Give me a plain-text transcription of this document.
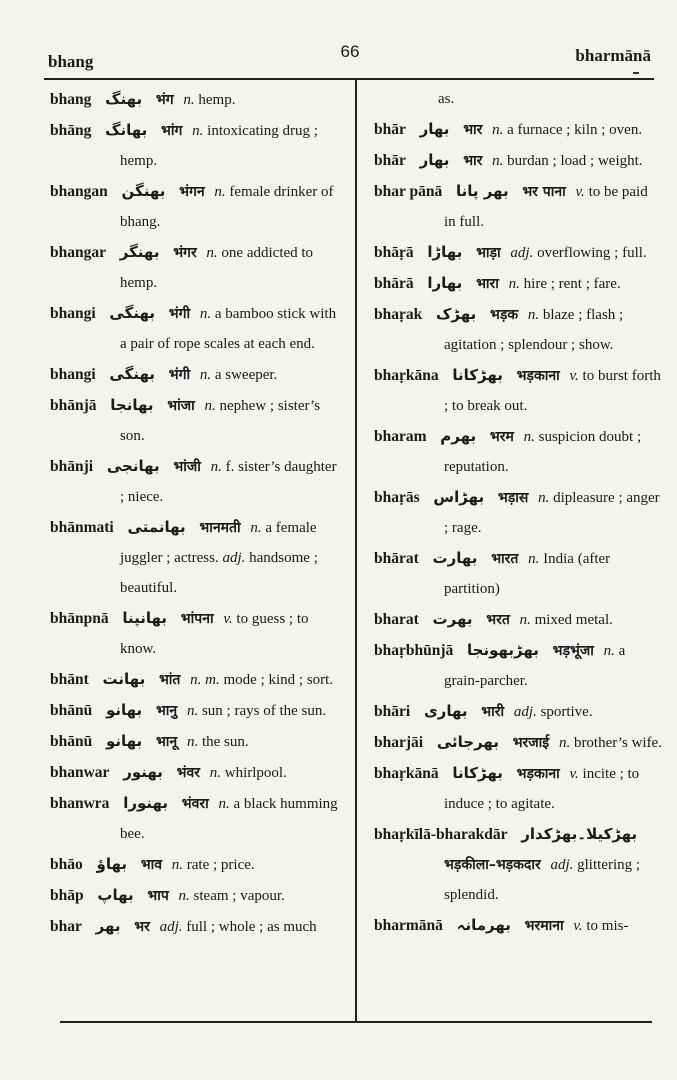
bhang
66	bharmānā
bhang بھنگ भंग n. hemp.
bhāng بھانگ भांग n. intoxicating drug ; hemp.
bhangan بھنگن भंगन n. female drinker of bhang.
bhangar بھنگر भंगर n. one addicted to hemp.
bhangi بھنگی भंगी n. a bamboo stick with a pair of rope scales at each end.
bhangi بھنگی भंगी n. a sweeper.
bhānjā بھانجا भांजा n. nephew ; sister’s son.
bhānji بھانجی भांजी n. f. sister’s daughter ; niece.
bhānmati بھانمتی भानमती n. a female juggler ; actress. adj. handsome ; beautiful.
bhānpnā بھانپنا भांपना v. to guess ; to know.
bhānt بھانت भांत n. m. mode ; kind ; sort.
bhānū بھانو भानु n. sun ; rays of the sun.
bhānū بھانو भानू n. the sun.
bhanwar بھنور भंवर n. whirlpool.
bhanwra بھنورا भंवरा n. a black humming bee.
bhāo بھاؤ भाव n. rate ; price.
bhāp بھاپ भाप n. steam ; vapour.
bhar بھر भर adj. full ; whole ; as much
as.
bhār بھار भार n. a furnace ; kiln ; oven.
bhār بھار भार n. burdan ; load ; weight.
bhar pānā بھر پانا भर पाना v. to be paid in full.
bhāṛā بھاڑا भाड़ा adj. overflowing ; full.
bhārā بھارا भारा n. hire ; rent ; fare.
bhaṛak بھڑک भड़क n. blaze ; flash ; agitation ; splendour ; show.
bhaṛkāna بھڑکانا भड़काना v. to burst forth ; to break out.
bharam بھرم भरम n. suspicion doubt ; reputation.
bhaṛās بھڑاس भड़ास n. dipleasure ; anger ; rage.
bhārat بھارت भारत n. India (after partition)
bharat بھرت भरत n. mixed metal.
bhaṛbhūnjā بھڑبھونجا भड़भूंजा n. a grain-parcher.
bhāri بھاری भारी adj. sportive.
bharjāi بھرجائی भरजाई n. brother’s wife.
bhaṛkānā بھڑکانا भड़काना v. incite ; to induce ; to agitate.
bhaṛkīlā-bharakdār بھڑکیلا۔بھڑکدار भड़कीला–भड़कदार adj. glittering ; splendid.
bharmānā بھرمانہ भरमाना v. to mis-
